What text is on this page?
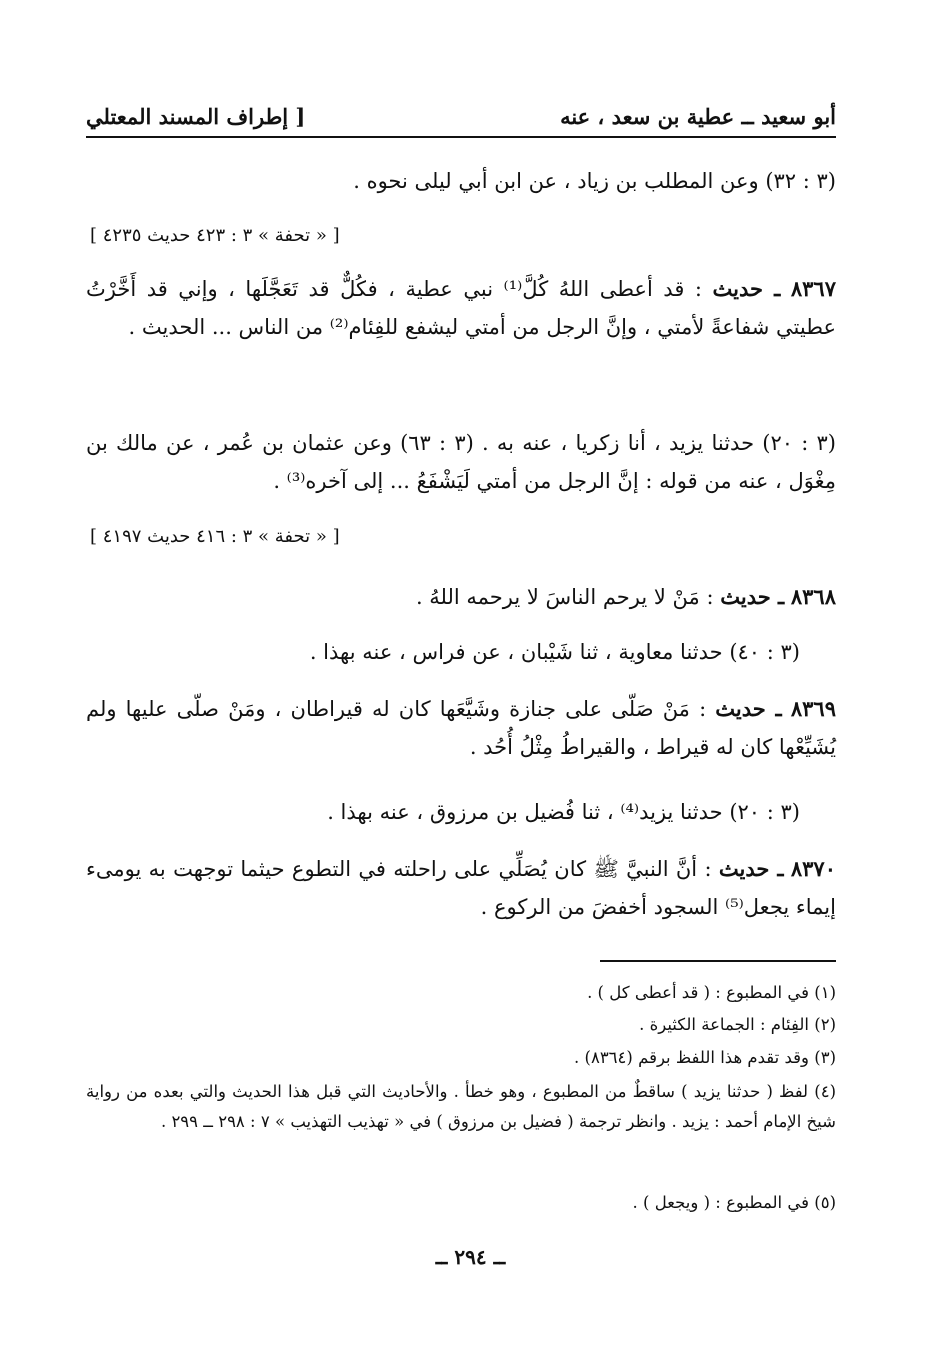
أبو سعيد ــ عطية بن سعد ، عنه
[ إطراف المسند المعتلي

(٣ : ٣٢) وعن المطلب بن زياد ، عن ابن أبي ليلى نحوه .

[ « تحفة » ٣ : ٤٢٣ حديث ٤٢٣٥ ]

٨٣٦٧ ـ حديث : قد أعطى اللهُ كُلَّ⁽¹⁾ نبي عطية ، فكُلٌّ قد تَعَجَّلَها ، وإني قد أَخَّرْتُ عطيتي شفاعةً لأمتي ، وإنَّ الرجل من أمتي ليشفع للفِئام⁽²⁾ من الناس ... الحديث .

(٣ : ٢٠) حدثنا يزيد ، أنا زكريا ، عنه به . (٣ : ٦٣) وعن عثمان بن عُمر ، عن مالك بن مِغْوَل ، عنه من قوله : إنَّ الرجل من أمتي لَيَشْفَعُ ... إلى آخره⁽³⁾ .

[ « تحفة » ٣ : ٤١٦ حديث ٤١٩٧ ]

٨٣٦٨ ـ حديث : مَنْ لا يرحم الناسَ لا يرحمه اللهُ .

(٣ : ٤٠) حدثنا معاوية ، ثنا شَيْبان ، عن فراس ، عنه بهذا .

٨٣٦٩ ـ حديث : مَنْ صَلّى على جنازة وشَيَّعَها كان له قيراطان ، ومَنْ صلّى عليها ولم يُشَيِّعْها كان له قيراط ، والقيراطُ مِثْلُ أُحُد .

(٣ : ٢٠) حدثنا يزيد⁽⁴⁾ ، ثنا فُضيل بن مرزوق ، عنه بهذا .

٨٣٧٠ ـ حديث : أنَّ النبيَّ ﷺ كان يُصَلِّي على راحلته في التطوع حيثما توجهت به يومىء إيماء يجعل⁽⁵⁾ السجود أخفضَ من الركوع .

(١) في المطبوع : ( قد أعطى كل ) .

(٢) الفِئام : الجماعة الكثيرة .

(٣) وقد تقدم هذا اللفظ برقم (٨٣٦٤) .

(٤) لفظ ( حدثنا يزيد ) ساقطٌ من المطبوع ، وهو خطأ . والأحاديث التي قبل هذا الحديث والتي بعده من رواية شيخ الإمام أحمد : يزيد . وانظر ترجمة ( فضيل بن مرزوق ) في « تهذيب التهذيب » ٧ : ٢٩٨ ــ ٢٩٩ .

(٥) في المطبوع : ( ويجعل ) .

ــ ٢٩٤ ــ
